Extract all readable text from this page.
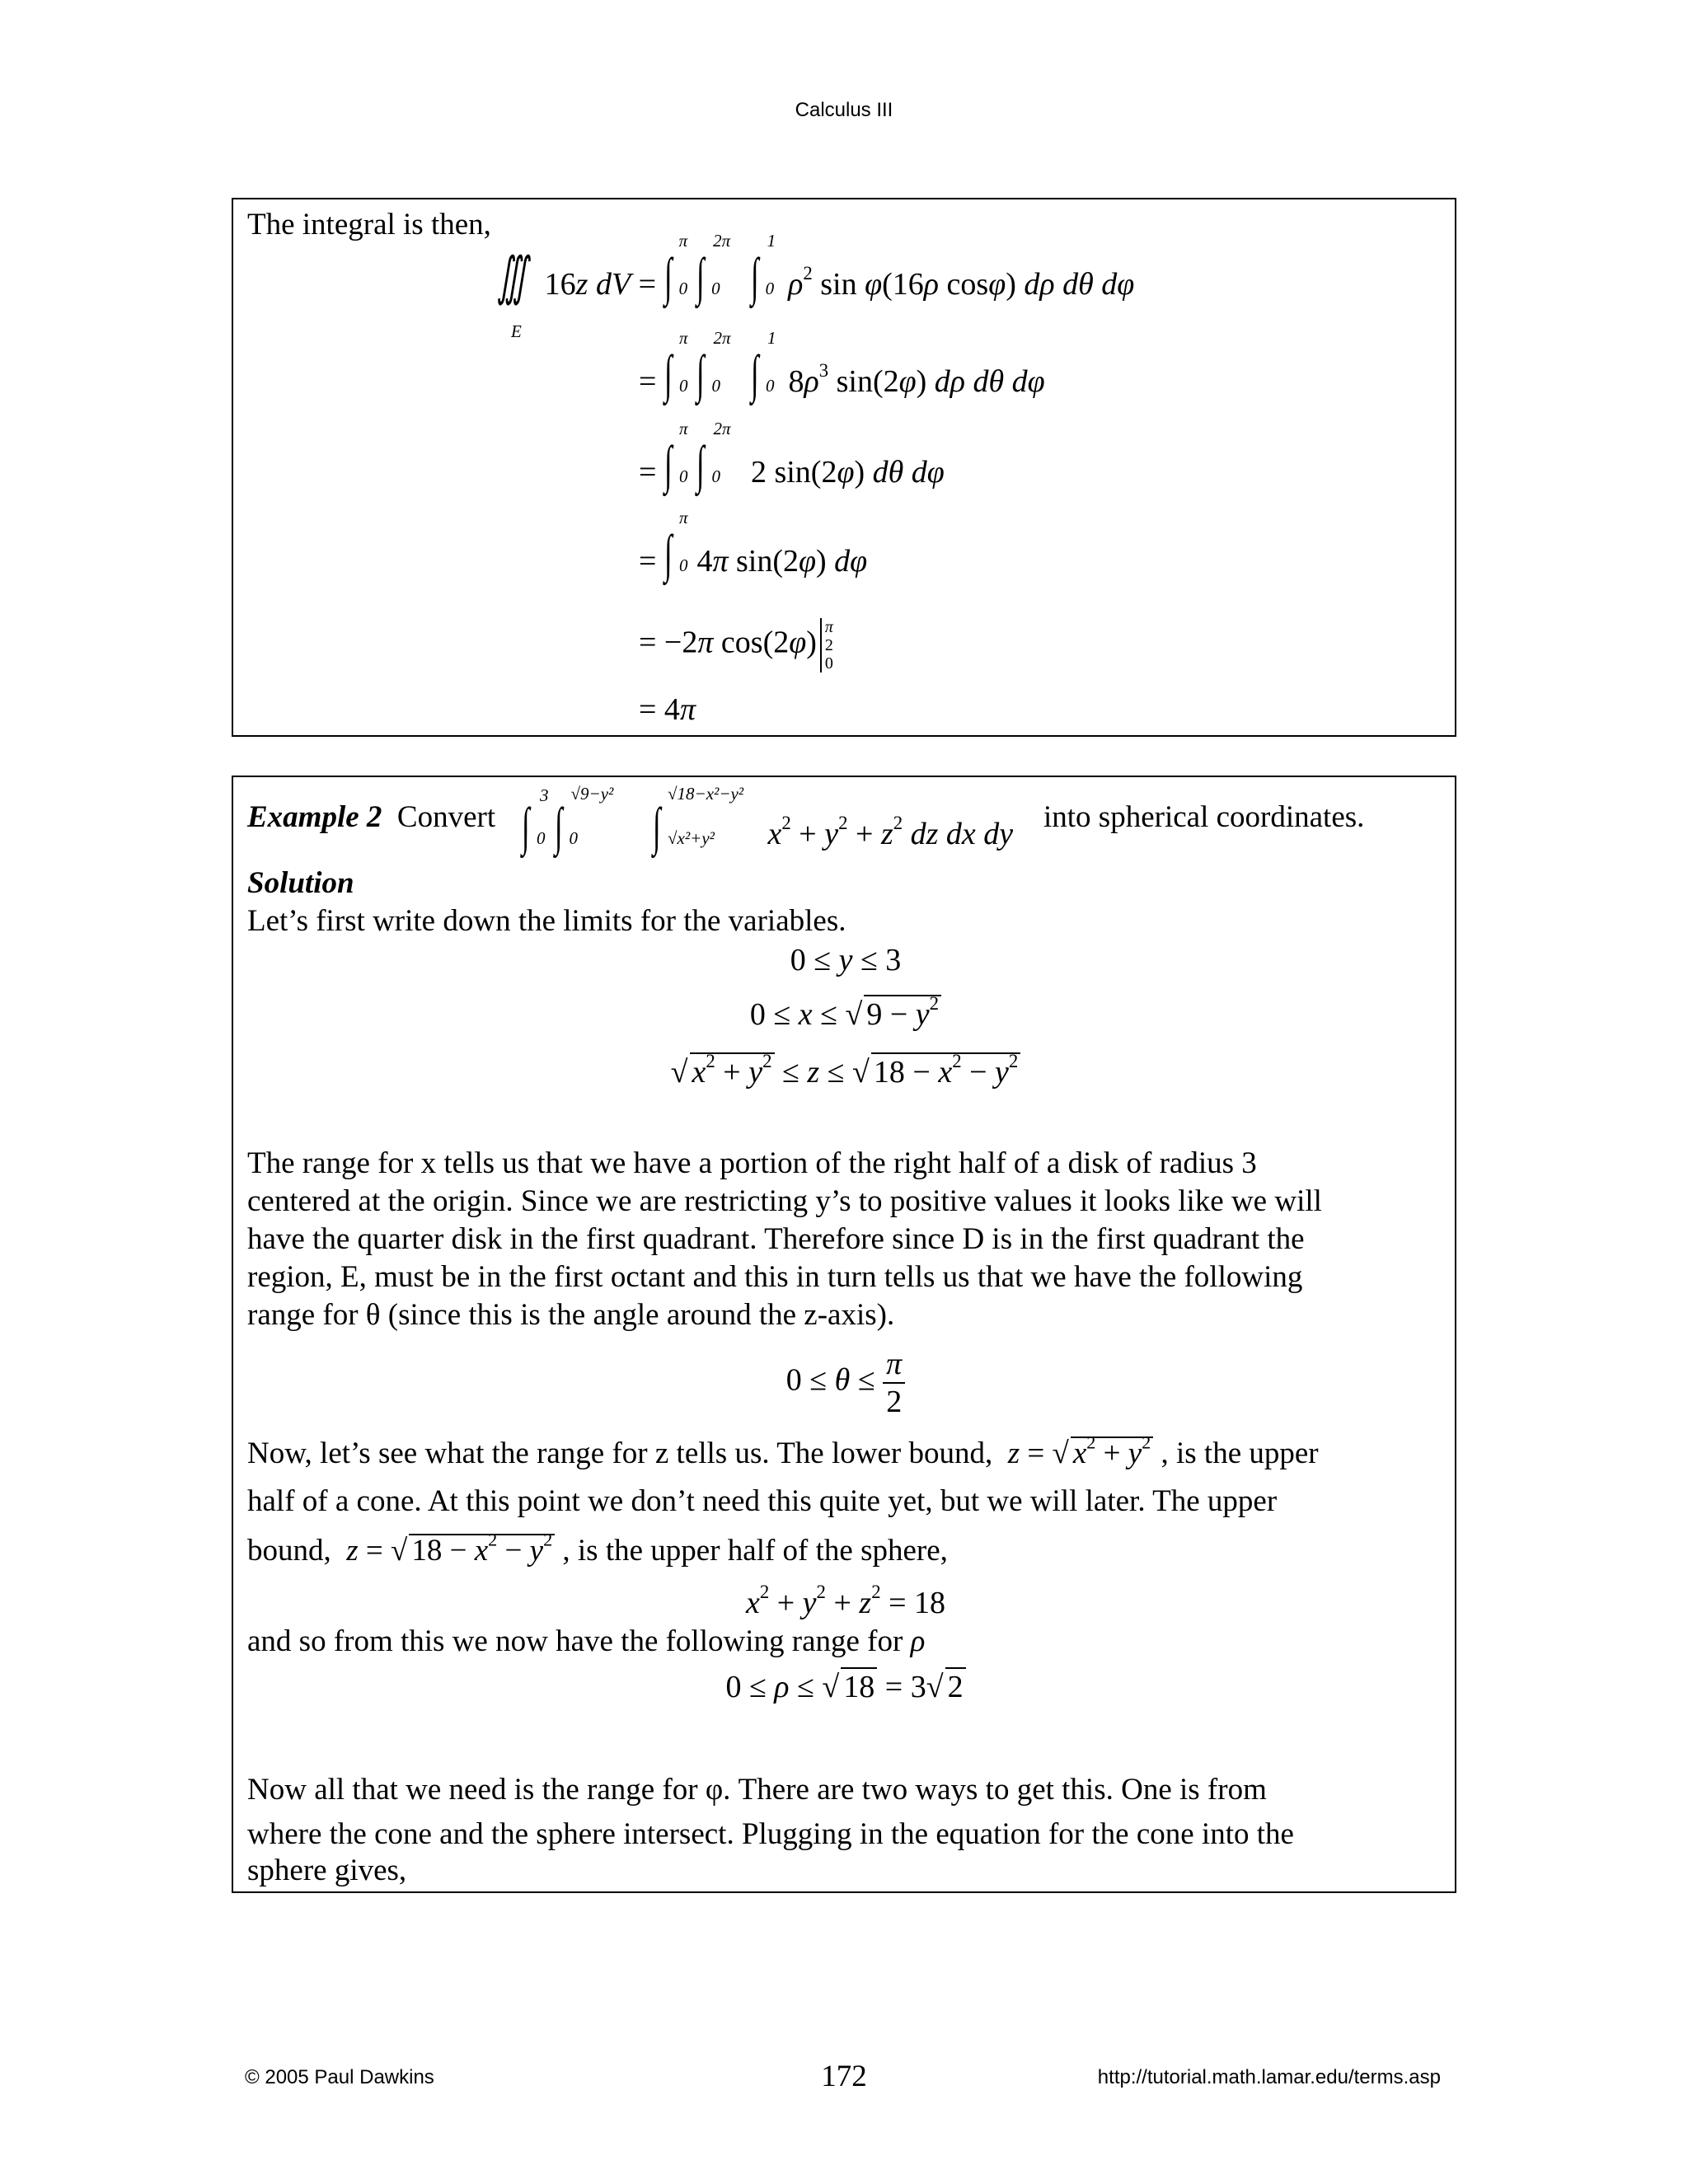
Calculus III
The integral is then,
∭ 16z dV = ∫
π
0 ∫
2π
0 ∫
1
0 $\rho^2$ sin φ(16ρ cosφ) dρ dθ dφ
E
= ∫
π
0 ∫
2π
0 ∫
1
0 $8\rho^3$ sin(2φ) dρ dθ dφ
= ∫
π
0 ∫
2π
0 2 sin(2φ) dθ dφ
= ∫
π
0 4π sin(2φ) dφ
= −2π cos(2φ) π
2
0
= 4π
Example 2 Convert ∫
3
0 ∫
√9−y²
0 ∫
√18−x²−y²
√x²+y² $x^2 + y^2 + z^2$ dz dx dy into spherical coordinates.
Solution
Let’s first write down the limits for the variables.
0 ≤ y ≤ 3
0 ≤ x ≤ √ $9 - y^2$
√ $x^2 + y^2 \le z$ ≤ √ $18 - x^2 - y^2$
The range for x tells us that we have a portion of the right half of a disk of radius 3
centered at the origin. Since we are restricting y’s to positive values it looks like we will
have the quarter disk in the first quadrant. Therefore since D is in the first quadrant the
region, E, must be in the first octant and this in turn tells us that we have the following
range for θ (since this is the angle around the z-axis).
$0 \le \theta \le \frac{\pi}{2}$
Now, let’s see what the range for z tells us. The lower bound, z = √ $x^2 + y^2$ , is the upper
half of a cone. At this point we don’t need this quite yet, but we will later. The upper
bound, z = √ $18 - x^2 - y^2$ , is the upper half of the sphere,
$x^2 + y^2 + z^2 = 18$
and so from this we now have the following range for ρ
0 ≤ ρ ≤ √ 18 = 3√ 2
Now all that we need is the range for φ. There are two ways to get this. One is from
where the cone and the sphere intersect. Plugging in the equation for the cone into the
sphere gives,
© 2005 Paul Dawkins	172	http://tutorial.math.lamar.edu/terms.asp
